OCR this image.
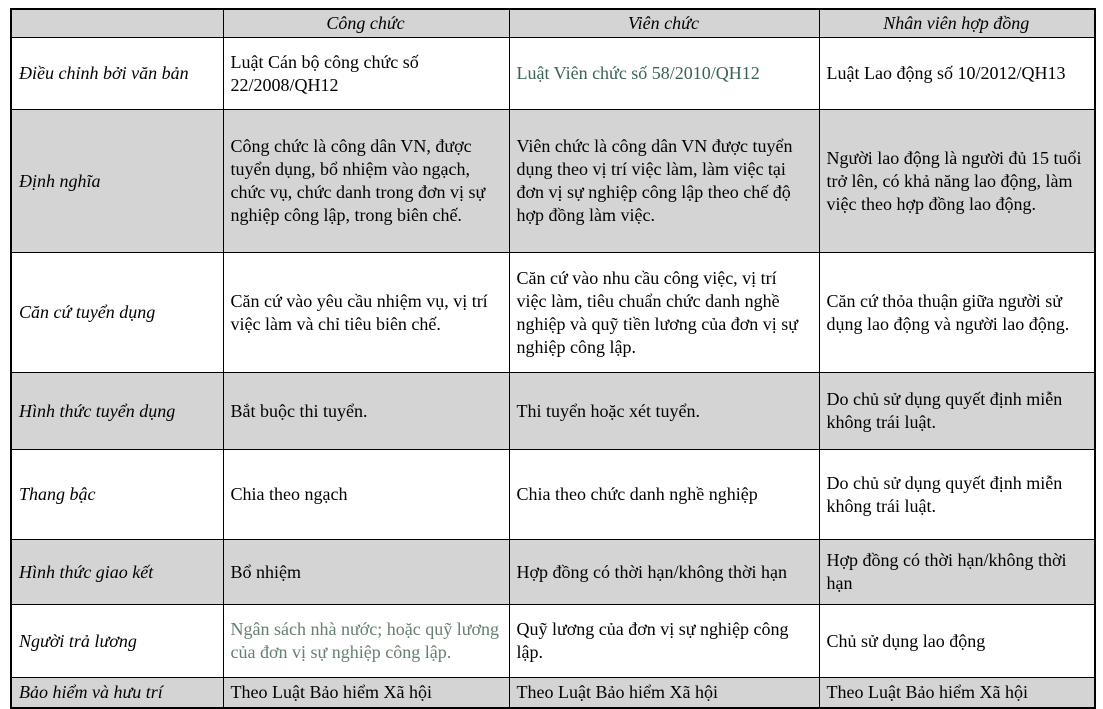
	Công chức	Viên chức	Nhân viên hợp đồng
Điều chỉnh bởi văn bản	Luật Cán bộ công chức số 22/2008/QH12	Luật Viên chức số 58/2010/QH12	Luật Lao động số 10/2012/QH13
Định nghĩa	Công chức là công dân VN, được tuyển dụng, bổ nhiệm vào ngạch, chức vụ, chức danh trong đơn vị sự nghiệp công lập, trong biên chế.	Viên chức là công dân VN được tuyển dụng theo vị trí việc làm, làm việc tại đơn vị sự nghiệp công lập theo chế độ hợp đồng làm việc.	Người lao động là người đủ 15 tuổi trở lên, có khả năng lao động, làm việc theo hợp đồng lao động.
Căn cứ tuyển dụng	Căn cứ vào yêu cầu nhiệm vụ, vị trí việc làm và chỉ tiêu biên chế.	Căn cứ vào nhu cầu công việc, vị trí việc làm, tiêu chuẩn chức danh nghề nghiệp và quỹ tiền lương của đơn vị sự nghiệp công lập.	Căn cứ thỏa thuận giữa người sử dụng lao động và người lao động.
Hình thức tuyển dụng	Bắt buộc thi tuyển.	Thi tuyển hoặc xét tuyển.	Do chủ sử dụng quyết định miễn không trái luật.
Thang bậc	Chia theo ngạch	Chia theo chức danh nghề nghiệp	Do chủ sử dụng quyết định miễn không trái luật.
Hình thức giao kết	Bổ nhiệm	Hợp đồng có thời hạn/không thời hạn	Hợp đồng có thời hạn/không thời hạn
Người trả lương	Ngân sách nhà nước; hoặc quỹ lương của đơn vị sự nghiệp công lập.	Quỹ lương của đơn vị sự nghiệp công lập.	Chủ sử dụng lao động
Bảo hiểm và hưu trí	Theo Luật Bảo hiểm Xã hội	Theo Luật Bảo hiểm Xã hội	Theo Luật Bảo hiểm Xã hội
